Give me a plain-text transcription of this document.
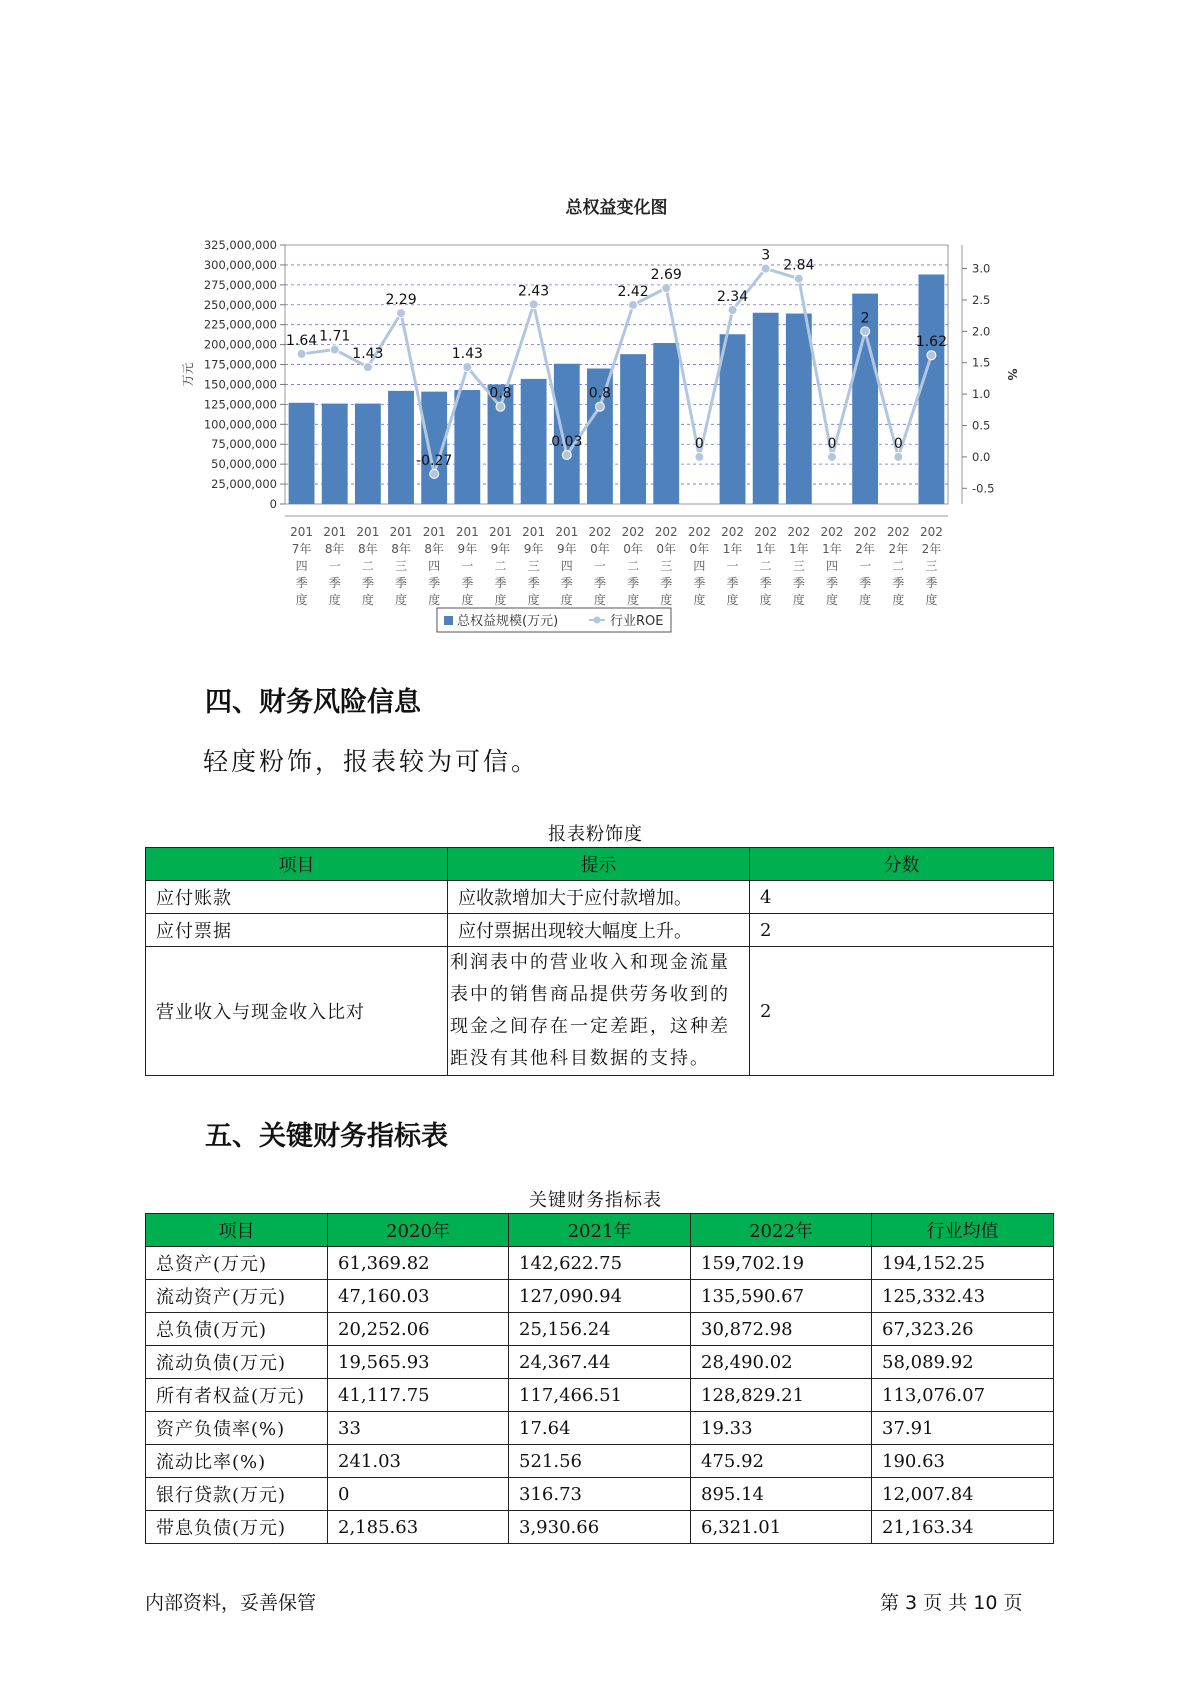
总权益变化图
325,000,000
300,000,000
275,000,000
250,000,000
225,000,000
200,000,000
175,000,000
150,000,000
125,000,000
100,000,000
75,000,000
50,000,000
25,000,000
0
3.0
2.5
2.0
1.5
1.0
0.5
0.0
-0.5
万元	%
1.64 1.71
1.43
2.29
-0.27
1.43
0.8
2.43
0.03
0.8
2.42
2.69
0
2.34
3
2.84
0
2
0
1.62
201 7年四季度
201 8年一季度
201 8年二季度
201 8年三季度
201 8年四季度
201 9年一季度
201 9年二季度
201 9年三季度
201 9年四季度
202 0年一季度
202 0年二季度
202 0年三季度
202 0年四季度
202 1年一季度
202 1年二季度
202 1年三季度
202 1年四季度
202 2年一季度
202 2年二季度
202 2年三季度
总权益规模(万元)	行业ROE
四、财务风险信息

轻度粉饰，报表较为可信。

报表粉饰度
项目	提示	分数
应付账款	应收款增加大于应付款增加。	4
应付票据	应付票据出现较大幅度上升。	2
营业收入与现金收入比对	利润表中的营业收入和现金流量表中的销售商品提供劳务收到的现金之间存在一定差距，这种差距没有其他科目数据的支持。	2
五、关键财务指标表
关键财务指标表
项目	2020年	2021年	2022年	行业均值
总资产(万元)	61,369.82	142,622.75	159,702.19	194,152.25
流动资产(万元)	47,160.03	127,090.94	135,590.67	125,332.43
总负债(万元)	20,252.06	25,156.24	30,872.98	67,323.26
流动负债(万元)	19,565.93	24,367.44	28,490.02	58,089.92
所有者权益(万元)	41,117.75	117,466.51	128,829.21	113,076.07
资产负债率(%)	33	17.64	19.33	37.91
流动比率(%)	241.03	521.56	475.92	190.63
银行贷款(万元)	0	316.73	895.14	12,007.84
带息负债(万元)	2,185.63	3,930.66	6,321.01	21,163.34
内部资料，妥善保管	第 3 页 共 10 页
